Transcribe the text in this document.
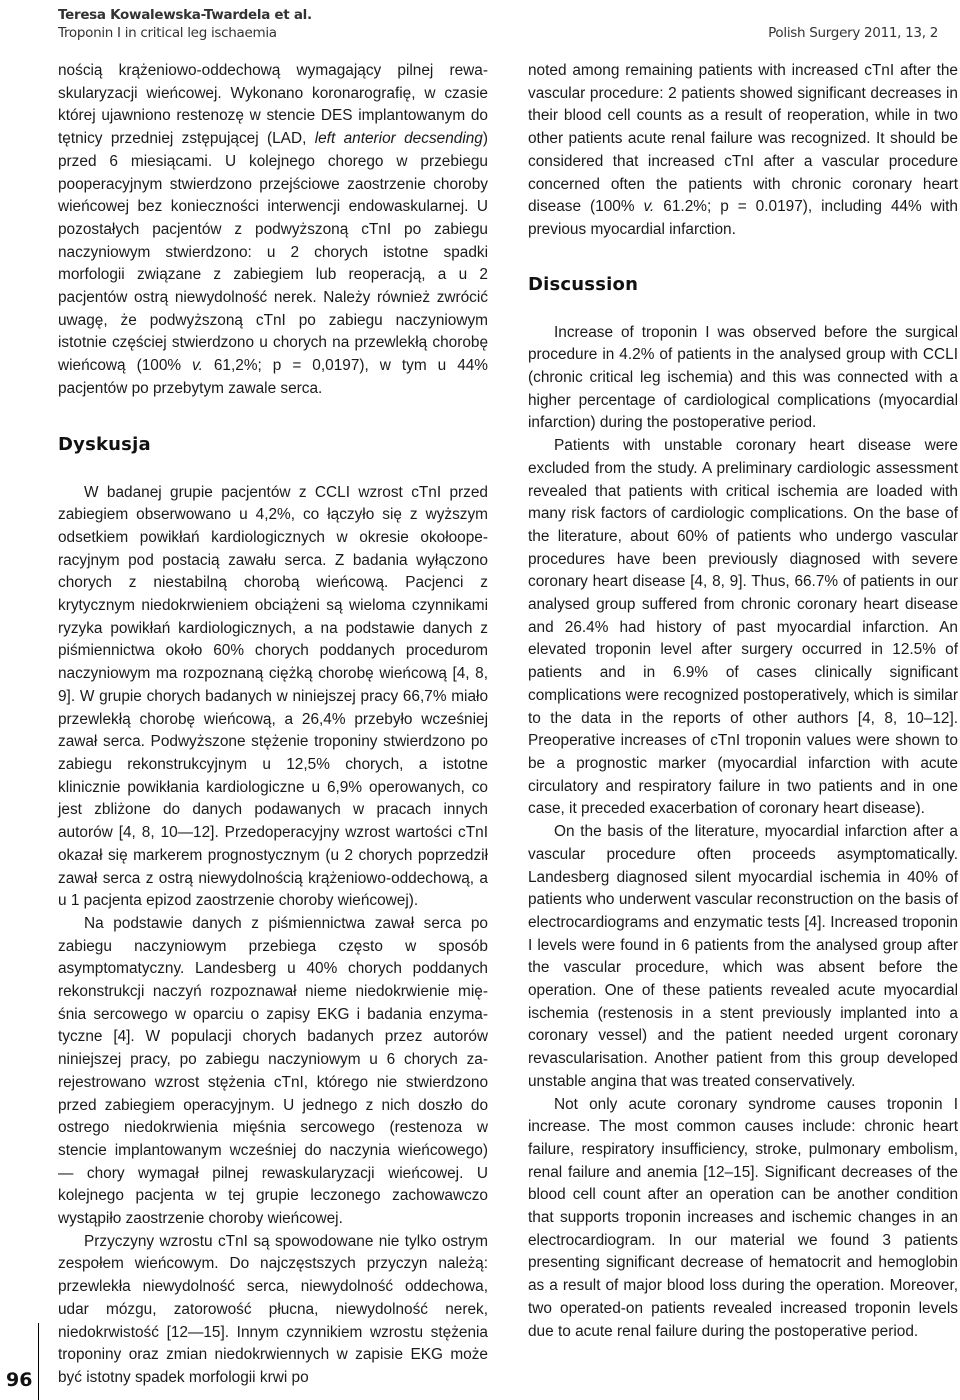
Teresa Kowalewska-Twardela et al.
Troponin I in critical leg ischaemia	Polish Surgery 2011, 13, 2

nością krążeniowo-oddechową wymagający pilnej rewaskularyzacji wieńcowej. Wykonano koronarografię, w czasie której ujawniono restenozę w stencie DES implantowanym do tętnicy przedniej zstępującej (LAD, left anterior decsending) przed 6 miesiącami. U kolejnego chorego w przebiegu pooperacyjnym stwierdzono przejściowe zaostrzenie choroby wieńcowej bez konieczności interwencji endowaskularnej. U pozostałych pacjentów z podwyższoną cTnI po zabiegu naczyniowym stwierdzono: u 2 chorych istotne spadki morfologii związane z zabiegiem lub reoperacją, a u 2 pacjentów ostrą niewydolność nerek. Należy również zwrócić uwagę, że podwyższoną cTnI po zabiegu naczyniowym istotnie częściej stwierdzono u chorych na przewlekłą chorobę wieńcową (100% v. 61,2%; p = 0,0197), w tym u 44% pacjentów po przebytym zawale serca.

Dyskusja

W badanej grupie pacjentów z CCLI wzrost cTnI przed zabiegiem obserwowano u 4,2%, co łączyło się z wyższym odsetkiem powikłań kardiologicznych w okresie okołooperacyjnym pod postacią zawału serca. Z badania wyłączono chorych z niestabilną chorobą wieńcową. Pacjenci z krytycznym niedokrwieniem obciążeni są wieloma czynnikami ryzyka powikłań kardiologicznych, a na podstawie danych z piśmiennictwa około 60% chorych poddanych procedurom naczyniowym ma rozpoznaną ciężką chorobę wieńcową [4, 8, 9]. W grupie chorych badanych w niniejszej pracy 66,7% miało przewlekłą chorobę wieńcową, a 26,4% przebyło wcześniej zawał serca. Podwyższone stężenie troponiny stwierdzono po zabiegu rekonstrukcyjnym u 12,5% chorych, a istotne klinicznie powikłania kardiologiczne u 6,9% operowanych, co jest zbliżone do danych podawanych w pracach innych autorów [4, 8, 10—12]. Przedoperacyjny wzrost wartości cTnI okazał się markerem prognostycznym (u 2 chorych poprzedził zawał serca z ostrą niewydolnością krążeniowo-oddechową, a u 1 pacjenta epizod zaostrzenie choroby wieńcowej).

Na podstawie danych z piśmiennictwa zawał serca po zabiegu naczyniowym przebiega często w sposób asymptomatyczny. Landesberg u 40% chorych poddanych rekonstrukcji naczyń rozpoznawał nieme niedokrwienie mięśnia sercowego w oparciu o zapisy EKG i badania enzymatyczne [4]. W populacji chorych badanych przez autorów niniejszej pracy, po zabiegu naczyniowym u 6 chorych zarejestrowano wzrost stężenia cTnI, którego nie stwierdzono przed zabiegiem operacyjnym. U jednego z nich doszło do ostrego niedokrwienia mięśnia sercowego (restenoza w stencie implantowanym wcześniej do naczynia wieńcowego) — chory wymagał pilnej rewaskularyzacji wieńcowej. U kolejnego pacjenta w tej grupie leczonego zachowawczo wystąpiło zaostrzenie choroby wieńcowej.

Przyczyny wzrostu cTnI są spowodowane nie tylko ostrym zespołem wieńcowym. Do najczęstszych przyczyn należą: przewlekła niewydolność serca, niewydolność oddechowa, udar mózgu, zatorowość płucna, niewydolność nerek, niedokrwistość [12—15]. Innym czynnikiem wzrostu stężenia troponiny oraz zmian niedokrwiennych w zapisie EKG może być istotny spadek morfologii krwi po

noted among remaining patients with increased cTnI after the vascular procedure: 2 patients showed significant decreases in their blood cell counts as a result of reoperation, while in two other patients acute renal failure was recognized. It should be considered that increased cTnI after a vascular procedure concerned often the patients with chronic coronary heart disease (100% v. 61.2%; p = 0.0197), including 44% with previous myocardial infarction.

Discussion

Increase of troponin I was observed before the surgical procedure in 4.2% of patients in the analysed group with CCLI (chronic critical leg ischemia) and this was connected with a higher percentage of cardiological complications (myocardial infarction) during the postoperative period.

Patients with unstable coronary heart disease were excluded from the study. A preliminary cardiologic assessment revealed that patients with critical ischemia are loaded with many risk factors of cardiologic complications. On the base of the literature, about 60% of patients who undergo vascular procedures have been previously diagnosed with severe coronary heart disease [4, 8, 9]. Thus, 66.7% of patients in our analysed group suffered from chronic coronary heart disease and 26.4% had history of past myocardial infarction. An elevated troponin level after surgery occurred in 12.5% of patients and in 6.9% of cases clinically significant complications were recognized postoperatively, which is similar to the data in the reports of other authors [4, 8, 10–12]. Preoperative increases of cTnI troponin values were shown to be a prognostic marker (myocardial infarction with acute circulatory and respiratory failure in two patients and in one case, it preceded exacerbation of coronary heart disease).

On the basis of the literature, myocardial infarction after a vascular procedure often proceeds asymptomatically. Landesberg diagnosed silent myocardial ischemia in 40% of patients who underwent vascular reconstruction on the basis of electrocardiograms and enzymatic tests [4]. Increased troponin I levels were found in 6 patients from the analysed group after the vascular procedure, which was absent before the operation. One of these patients revealed acute myocardial ischemia (restenosis in a stent previously implanted into a coronary vessel) and the patient needed urgent coronary revascularisation. Another patient from this group developed unstable angina that was treated conservatively.

Not only acute coronary syndrome causes troponin I increase. The most common causes include: chronic heart failure, respiratory insufficiency, stroke, pulmonary embolism, renal failure and anemia [12–15]. Significant decreases of the blood cell count after an operation can be another condition that supports troponin increases and ischemic changes in an electrocardiogram. In our material we found 3 patients presenting significant decrease of hematocrit and hemoglobin as a result of major blood loss during the operation. Moreover, two operated-on patients revealed increased troponin levels due to acute renal failure during the postoperative period.

96
